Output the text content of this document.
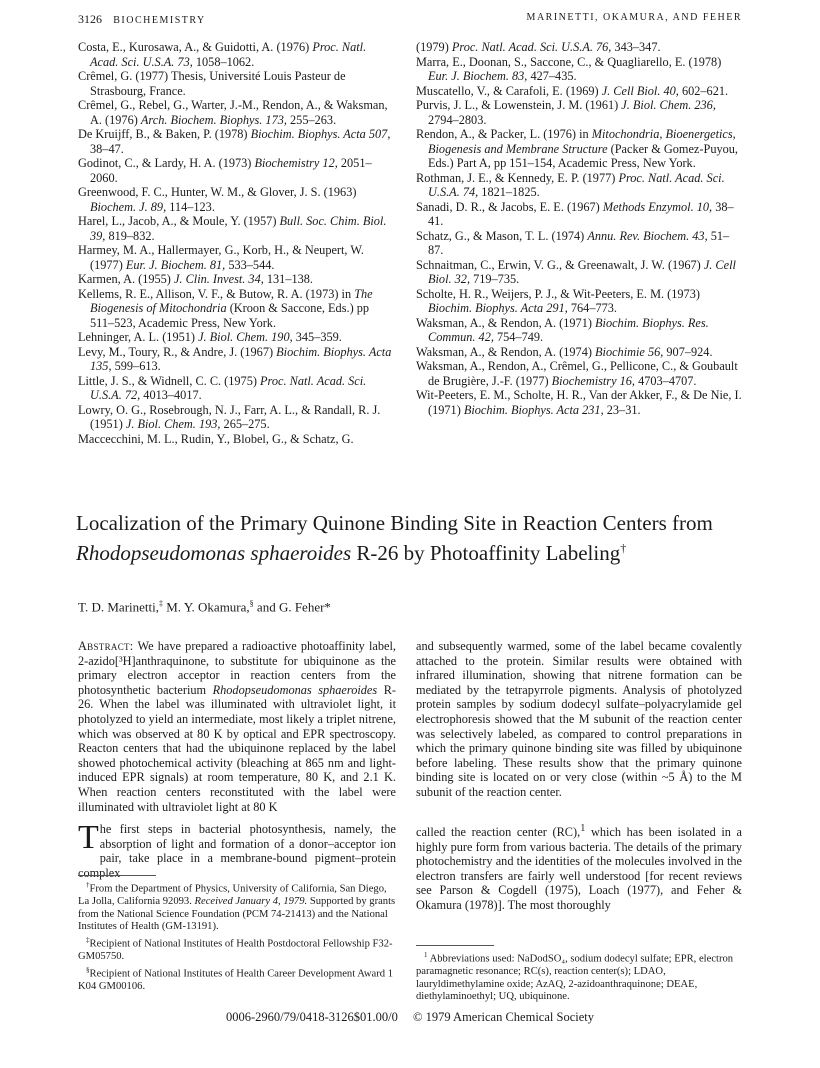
3126 BIOCHEMISTRY	MARINETTI, OKAMURA, AND FEHER

Costa, E., Kurosawa, A., & Guidotti, A. (1976) Proc. Natl. Acad. Sci. U.S.A. 73, 1058–1062.

Crêmel, G. (1977) Thesis, Université Louis Pasteur de Strasbourg, France.

Crêmel, G., Rebel, G., Warter, J.-M., Rendon, A., & Waksman, A. (1976) Arch. Biochem. Biophys. 173, 255–263.

De Kruijff, B., & Baken, P. (1978) Biochim. Biophys. Acta 507, 38–47.

Godinot, C., & Lardy, H. A. (1973) Biochemistry 12, 2051–2060.

Greenwood, F. C., Hunter, W. M., & Glover, J. S. (1963) Biochem. J. 89, 114–123.

Harel, L., Jacob, A., & Moule, Y. (1957) Bull. Soc. Chim. Biol. 39, 819–832.

Harmey, M. A., Hallermayer, G., Korb, H., & Neupert, W. (1977) Eur. J. Biochem. 81, 533–544.

Karmen, A. (1955) J. Clin. Invest. 34, 131–138.

Kellems, R. E., Allison, V. F., & Butow, R. A. (1973) in The Biogenesis of Mitochondria (Kroon & Saccone, Eds.) pp 511–523, Academic Press, New York.

Lehninger, A. L. (1951) J. Biol. Chem. 190, 345–359.

Levy, M., Toury, R., & Andre, J. (1967) Biochim. Biophys. Acta 135, 599–613.

Little, J. S., & Widnell, C. C. (1975) Proc. Natl. Acad. Sci. U.S.A. 72, 4013–4017.

Lowry, O. G., Rosebrough, N. J., Farr, A. L., & Randall, R. J. (1951) J. Biol. Chem. 193, 265–275.

Maccecchini, M. L., Rudin, Y., Blobel, G., & Schatz, G.

(1979) Proc. Natl. Acad. Sci. U.S.A. 76, 343–347.

Marra, E., Doonan, S., Saccone, C., & Quagliarello, E. (1978) Eur. J. Biochem. 83, 427–435.

Muscatello, V., & Carafoli, E. (1969) J. Cell Biol. 40, 602–621.

Purvis, J. L., & Lowenstein, J. M. (1961) J. Biol. Chem. 236, 2794–2803.

Rendon, A., & Packer, L. (1976) in Mitochondria, Bioenergetics, Biogenesis and Membrane Structure (Packer & Gomez-Puyou, Eds.) Part A, pp 151–154, Academic Press, New York.

Rothman, J. E., & Kennedy, E. P. (1977) Proc. Natl. Acad. Sci. U.S.A. 74, 1821–1825.

Sanadi, D. R., & Jacobs, E. E. (1967) Methods Enzymol. 10, 38–41.

Schatz, G., & Mason, T. L. (1974) Annu. Rev. Biochem. 43, 51–87.

Schnaitman, C., Erwin, V. G., & Greenawalt, J. W. (1967) J. Cell Biol. 32, 719–735.

Scholte, H. R., Weijers, P. J., & Wit-Peeters, E. M. (1973) Biochim. Biophys. Acta 291, 764–773.

Waksman, A., & Rendon, A. (1971) Biochim. Biophys. Res. Commun. 42, 754–749.

Waksman, A., & Rendon, A. (1974) Biochimie 56, 907–924.

Waksman, A., Rendon, A., Crêmel, G., Pellicone, C., & Goubault de Brugière, J.-F. (1977) Biochemistry 16, 4703–4707.

Wit-Peeters, E. M., Scholte, H. R., Van der Akker, F., & De Nie, I. (1971) Biochim. Biophys. Acta 231, 23–31.

Localization of the Primary Quinone Binding Site in Reaction Centers from Rhodopseudomonas sphaeroides R-26 by Photoaffinity Labeling†
T. D. Marinetti,‡ M. Y. Okamura,§ and G. Feher*

Abstract: We have prepared a radioactive photoaffinity label, 2-azido[³H]anthraquinone, to substitute for ubiquinone as the primary electron acceptor in reaction centers from the photosynthetic bacterium Rhodopseudomonas sphaeroides R-26. When the label was illuminated with ultraviolet light, it photolyzed to yield an intermediate, most likely a triplet nitrene, which was observed at 80 K by optical and EPR spectroscopy. Reacton centers that had the ubiquinone replaced by the label showed photochemical activity (bleaching at 865 nm and light-induced EPR signals) at room temperature, 80 K, and 2.1 K. When reaction centers reconstituted with the label were illuminated with ultraviolet light at 80 K

and subsequently warmed, some of the label became covalently attached to the protein. Similar results were obtained with infrared illumination, showing that nitrene formation can be mediated by the tetrapyrrole pigments. Analysis of photolyzed protein samples by sodium dodecyl sulfate–polyacrylamide gel electrophoresis showed that the M subunit of the reaction center was selectively labeled, as compared to control preparations in which the primary quinone binding site was filled by ubiquinone before labeling. These results show that the primary quinone binding site is located on or very close (within ~5 Å) to the M subunit of the reaction center.

The first steps in bacterial photosynthesis, namely, the absorption of light and formation of a donor–acceptor ion pair, take place in a membrane-bound pigment–protein complex

called the reaction center (RC),$^1$ which has been isolated in a highly pure form from various bacteria. The details of the primary photochemistry and the identities of the molecules involved in the electron transfers are fairly well understood [for recent reviews see Parson & Cogdell (1975), Loach (1977), and Feher & Okamura (1978)]. The most thoroughly

†From the Department of Physics, University of California, San Diego, La Jolla, California 92093. Received January 4, 1979. Supported by grants from the National Science Foundation (PCM 74-21413) and the National Institutes of Health (GM-13191).

‡Recipient of National Institutes of Health Postdoctoral Fellowship F32-GM05750.

§Recipient of National Institutes of Health Career Development Award 1 K04 GM00106.

$^1$ Abbreviations used: NaDodSO₄, sodium dodecyl sulfate; EPR, electron paramagnetic resonance; RC(s), reaction center(s); LDAO, lauryldimethylamine oxide; AzAQ, 2-azidoanthraquinone; DEAE, diethylaminoethyl; UQ, ubiquinone.

0006-2960/79/0418-3126$01.00/0 © 1979 American Chemical Society
